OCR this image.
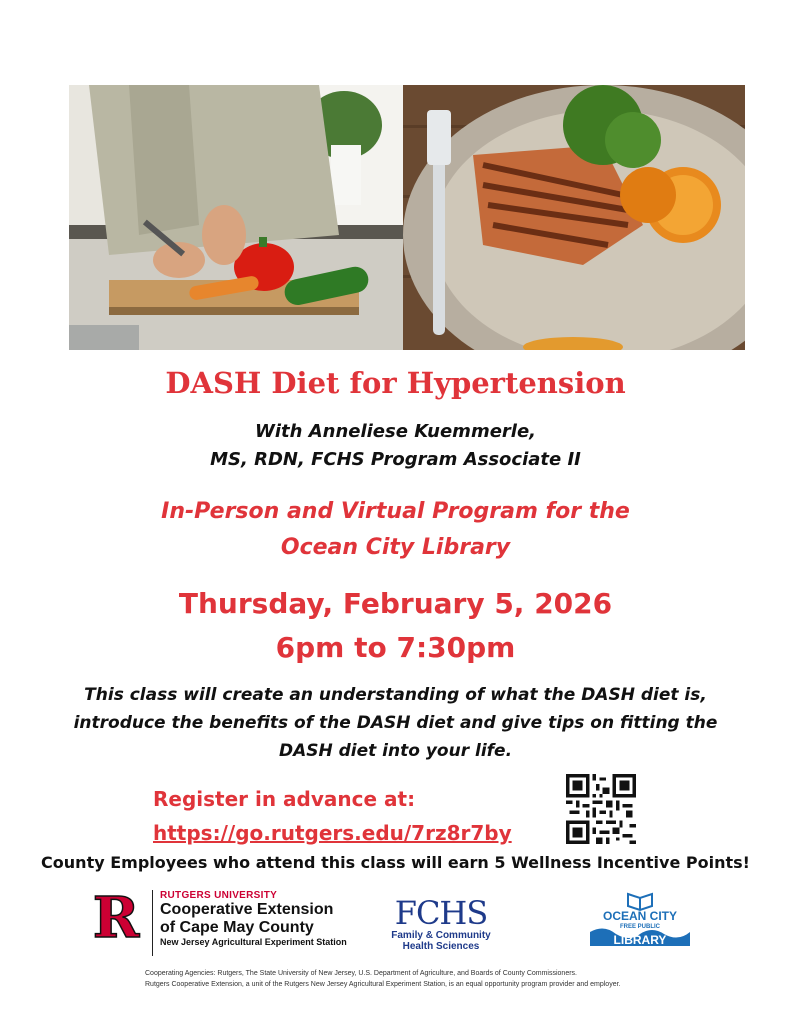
DASH Diet for Hypertension
With Anneliese Kuemmerle,
MS, RDN, FCHS Program Associate II
In-Person and Virtual Program for the
Ocean City Library
Thursday, February 5, 2026
6pm to 7:30pm
This class will create an understanding of what the DASH diet is,
introduce the benefits of the DASH diet and give tips on fitting the
DASH diet into your life.
Register in advance at:
https://go.rutgers.edu/7rz8r7by
County Employees who attend this class will earn 5 Wellness Incentive Points!
R RUTGERS UNIVERSITY
Cooperative Extension
of Cape May County
New Jersey Agricultural Experiment Station
FCHS
Family & Community
Health Sciences
OCEAN CITY
FREE PUBLIC
LIBRARY
Cooperating Agencies: Rutgers, The State University of New Jersey, U.S. Department of Agriculture, and Boards of County Commissioners.
Rutgers Cooperative Extension, a unit of the Rutgers New Jersey Agricultural Experiment Station, is an equal opportunity program provider and employer.
